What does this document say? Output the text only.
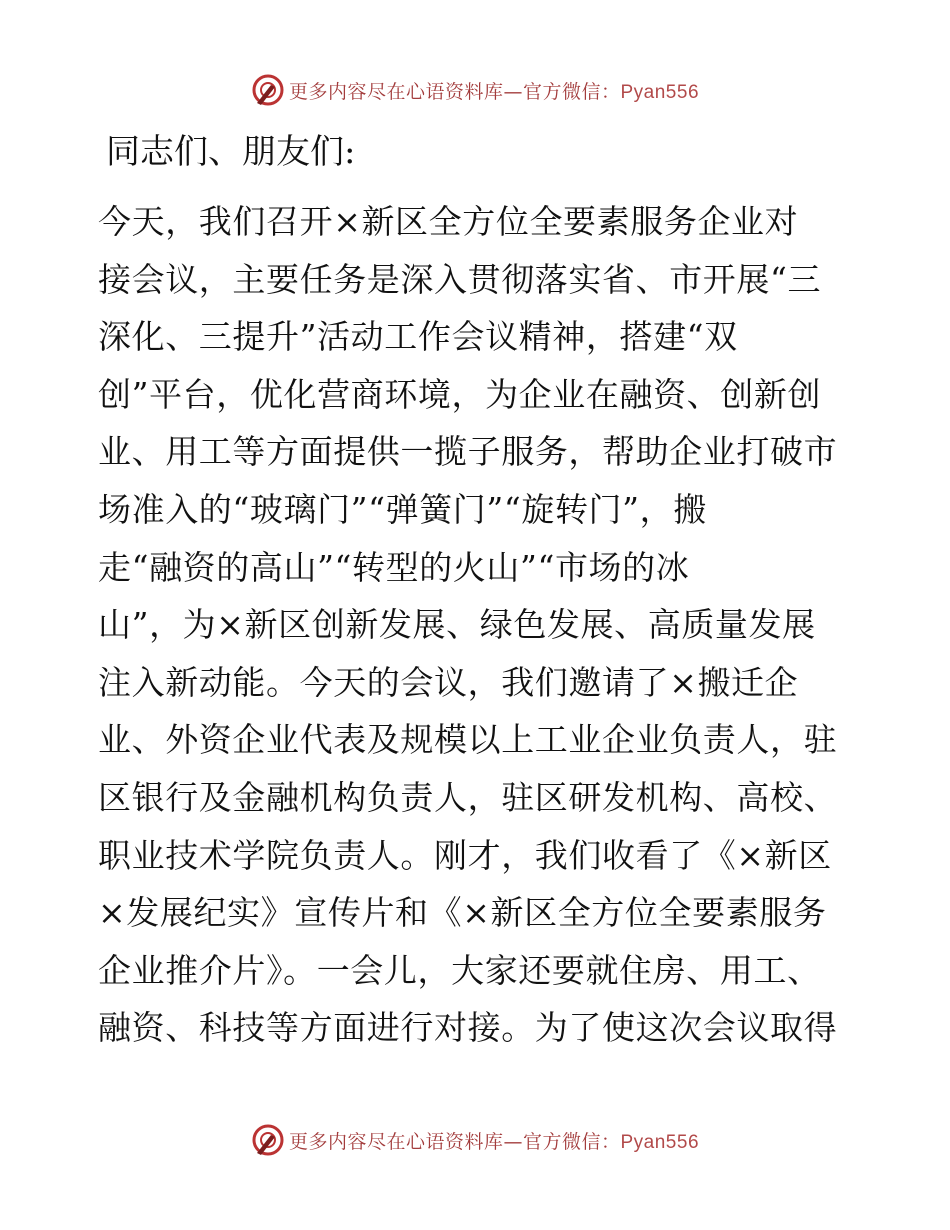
更多内容尽在心语资料库—官方微信：Pyan556

同志们、朋友们:

今天，我们召开×新区全方位全要素服务企业对
接会议，主要任务是深入贯彻落实省、市开展“三
深化、三提升”活动工作会议精神，搭建“双
创”平台，优化营商环境，为企业在融资、创新创
业、用工等方面提供一揽子服务，帮助企业打破市
场准入的“玻璃门”“弹簧门”“旋转门”，搬
走“融资的高山”“转型的火山”“市场的冰
山”，为×新区创新发展、绿色发展、高质量发展
注入新动能。今天的会议，我们邀请了×搬迁企
业、外资企业代表及规模以上工业企业负责人，驻
区银行及金融机构负责人，驻区研发机构、高校、
职业技术学院负责人。刚才，我们收看了《×新区
×发展纪实》宣传片和《×新区全方位全要素服务
企业推介片》。一会儿，大家还要就住房、用工、
融资、科技等方面进行对接。为了使这次会议取得
更多内容尽在心语资料库—官方微信：Pyan556
